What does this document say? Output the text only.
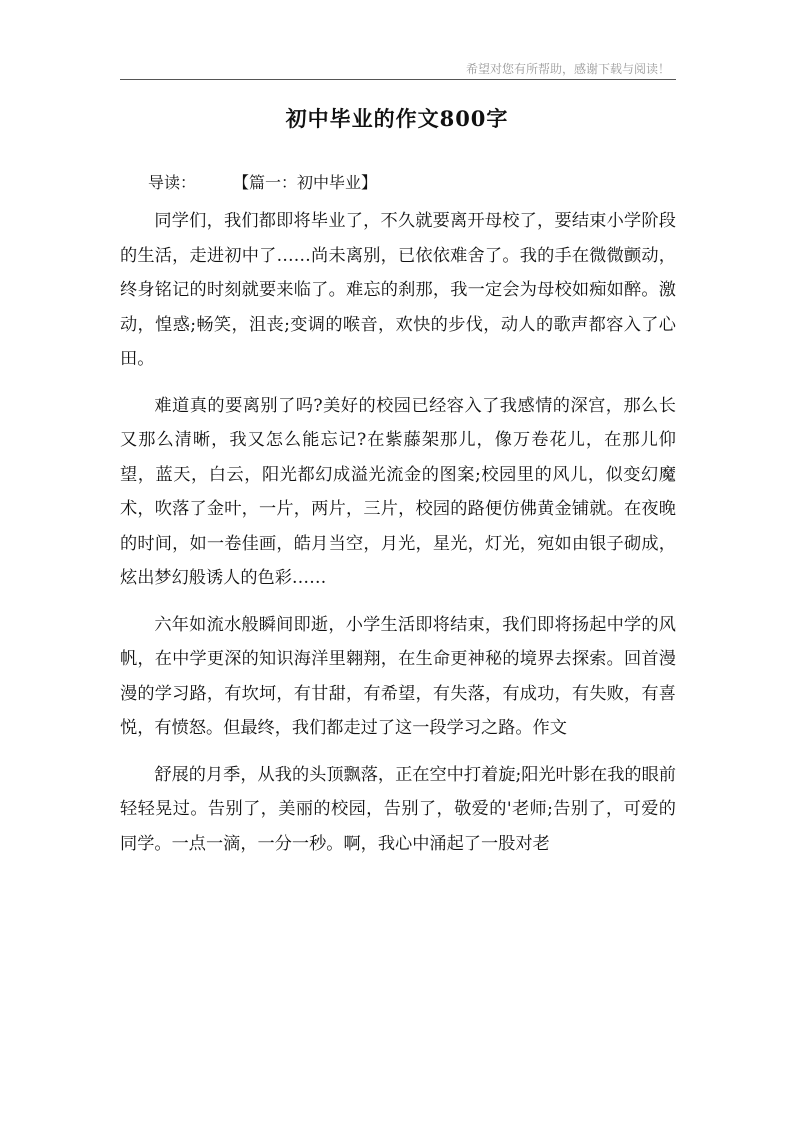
希望对您有所帮助，感谢下载与阅读！
初中毕业的作文800字
导读： 【篇一：初中毕业】

同学们，我们都即将毕业了，不久就要离开母校了，要结束小学阶段的生活，走进初中了……尚未离别，已依依难舍了。我的手在微微颤动，终身铭记的时刻就要来临了。难忘的刹那，我一定会为母校如痴如醉。激动，惶惑;畅笑，沮丧;变调的喉音，欢快的步伐，动人的歌声都容入了心田。

难道真的要离别了吗?美好的校园已经容入了我感情的深宫，那么长又那么清晰，我又怎么能忘记?在紫藤架那儿，像万卷花儿，在那儿仰望，蓝天，白云，阳光都幻成溢光流金的图案;校园里的风儿，似变幻魔术，吹落了金叶，一片，两片，三片，校园的路便仿佛黄金铺就。在夜晚的时间，如一卷佳画，皓月当空，月光，星光，灯光，宛如由银子砌成，炫出梦幻般诱人的色彩……

六年如流水般瞬间即逝，小学生活即将结束，我们即将扬起中学的风帆，在中学更深的知识海洋里翱翔，在生命更神秘的境界去探索。回首漫漫的学习路，有坎坷，有甘甜，有希望，有失落，有成功，有失败，有喜悦，有愤怒。但最终，我们都走过了这一段学习之路。作文

舒展的月季，从我的头顶飘落，正在空中打着旋;阳光叶影在我的眼前轻轻晃过。告别了，美丽的校园，告别了，敬爱的'老师;告别了，可爱的同学。一点一滴，一分一秒。啊，我心中涌起了一股对老
